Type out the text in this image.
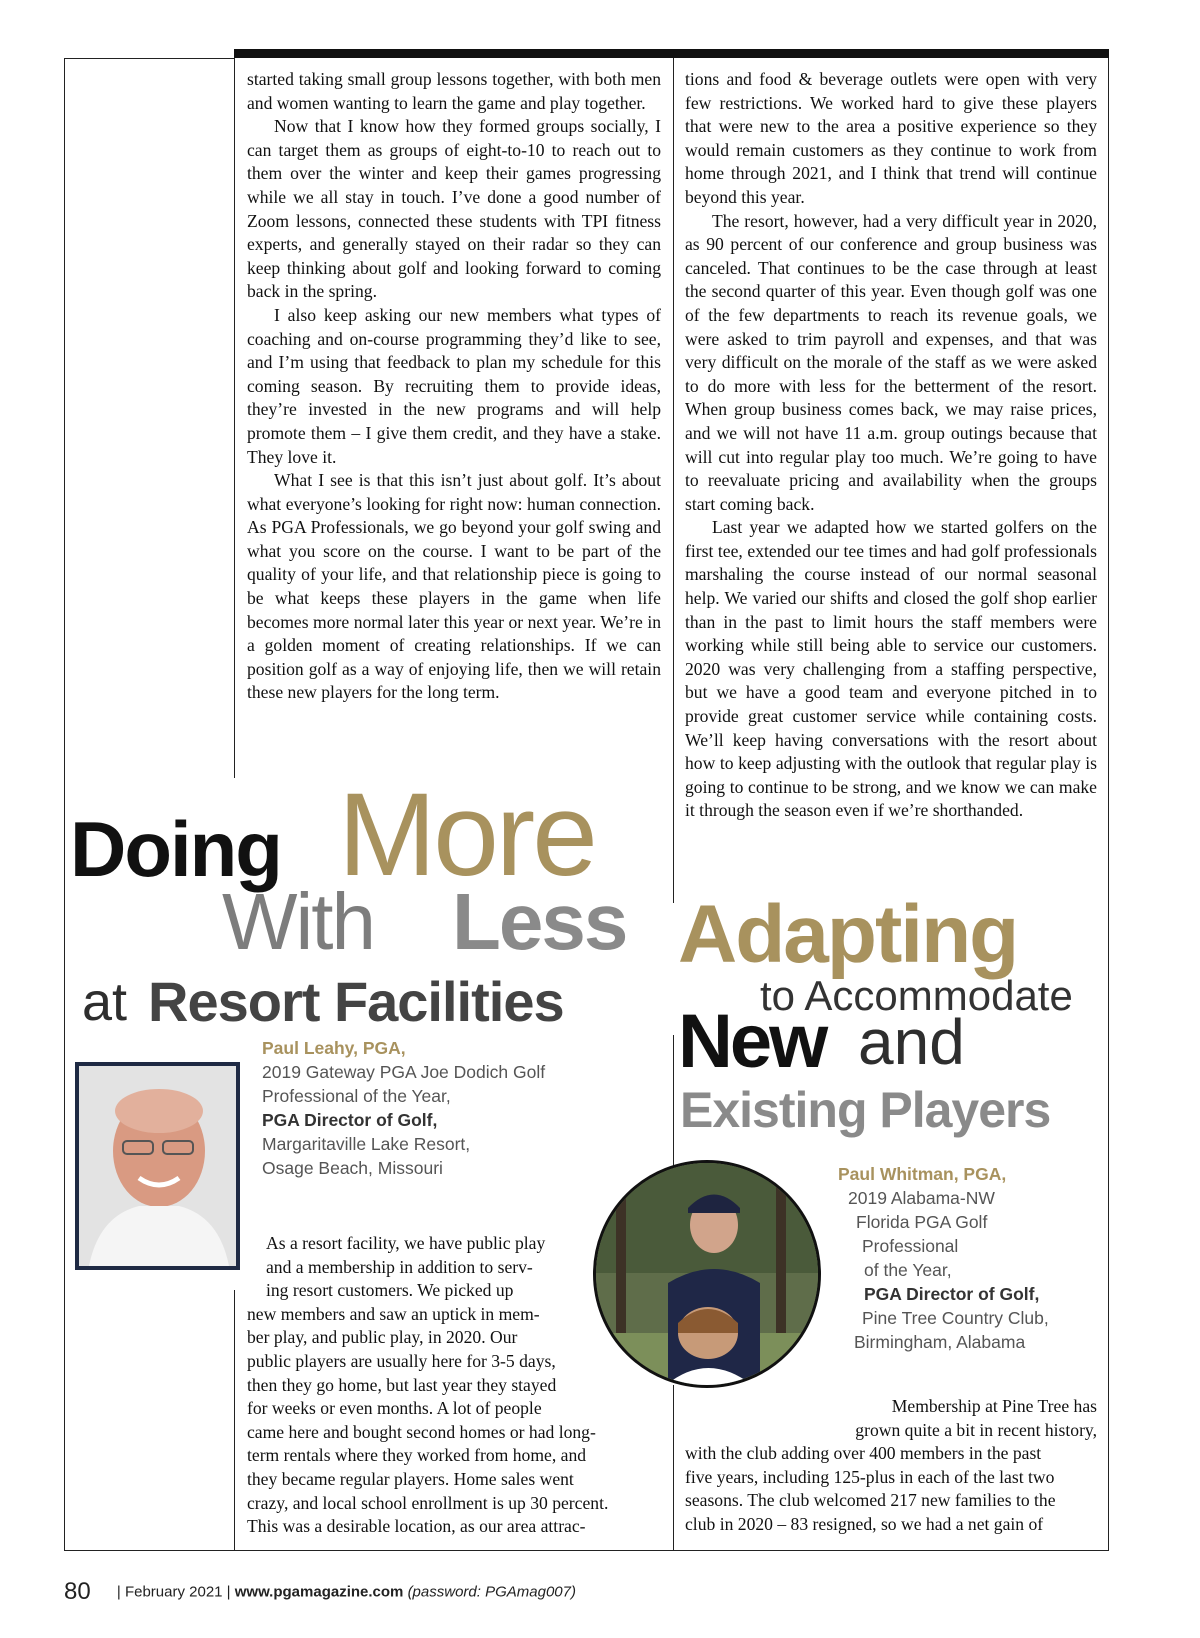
started taking small group lessons together, with both men and women wanting to learn the game and play together.

Now that I know how they formed groups socially, I can target them as groups of eight-to-10 to reach out to them over the winter and keep their games progressing while we all stay in touch. I’ve done a good number of Zoom lessons, connected these students with TPI fitness experts, and generally stayed on their radar so they can keep thinking about golf and looking forward to coming back in the spring.

I also keep asking our new members what types of coaching and on-course programming they’d like to see, and I’m using that feedback to plan my schedule for this coming season. By recruiting them to provide ideas, they’re invested in the new programs and will help promote them – I give them credit, and they have a stake. They love it.

What I see is that this isn’t just about golf. It’s about what everyone’s looking for right now: human connection. As PGA Professionals, we go beyond your golf swing and what you score on the course. I want to be part of the quality of your life, and that relationship piece is going to be what keeps these players in the game when life becomes more normal later this year or next year. We’re in a golden moment of creating relationships. If we can position golf as a way of enjoying life, then we will retain these new players for the long term.

tions and food & beverage outlets were open with very few restrictions. We worked hard to give these players that were new to the area a positive experience so they would remain customers as they continue to work from home through 2021, and I think that trend will continue beyond this year.

The resort, however, had a very difficult year in 2020, as 90 percent of our conference and group business was canceled. That continues to be the case through at least the second quarter of this year. Even though golf was one of the few departments to reach its revenue goals, we were asked to trim payroll and expenses, and that was very difficult on the morale of the staff as we were asked to do more with less for the betterment of the resort. When group business comes back, we may raise prices, and we will not have 11 a.m. group outings because that will cut into regular play too much. We’re going to have to reevaluate pricing and availability when the groups start coming back.

Last year we adapted how we started golfers on the first tee, extended our tee times and had golf professionals marshaling the course instead of our normal seasonal help. We varied our shifts and closed the golf shop earlier than in the past to limit hours the staff members were working while still being able to service our customers. 2020 was very challenging from a staffing perspective, but we have a good team and everyone pitched in to provide great customer service while containing costs. We’ll keep having conversations with the resort about how to keep adjusting with the outlook that regular play is going to continue to be strong, and we know we can make it through the season even if we’re shorthanded.

Doing More
With Less
at Resort Facilities
Paul Leahy, PGA,
2019 Gateway PGA Joe Dodich Golf
Professional of the Year,
PGA Director of Golf,
Margaritaville Lake Resort,
Osage Beach, Missouri
Adapting
to Accommodate
New and
Existing Players
Paul Whitman, PGA,
2019 Alabama-NW
Florida PGA Golf
Professional
of the Year,
PGA Director of Golf,
Pine Tree Country Club,
Birmingham, Alabama
As a resort facility, we have public play
and a membership in addition to serv-
ing resort customers. We picked up
new members and saw an uptick in mem-
ber play, and public play, in 2020. Our
public players are usually here for 3-5 days,
then they go home, but last year they stayed
for weeks or even months. A lot of people
came here and bought second homes or had long-
term rentals where they worked from home, and
they became regular players. Home sales went
crazy, and local school enrollment is up 30 percent.
This was a desirable location, as our area attrac-
Membership at Pine Tree has
grown quite a bit in recent history,
with the club adding over 400 members in the past
five years, including 125-plus in each of the last two
seasons. The club welcomed 217 new families to the
club in 2020 – 83 resigned, so we had a net gain of
80 | February 2021 | www.pgamagazine.com (password: PGAmag007)
